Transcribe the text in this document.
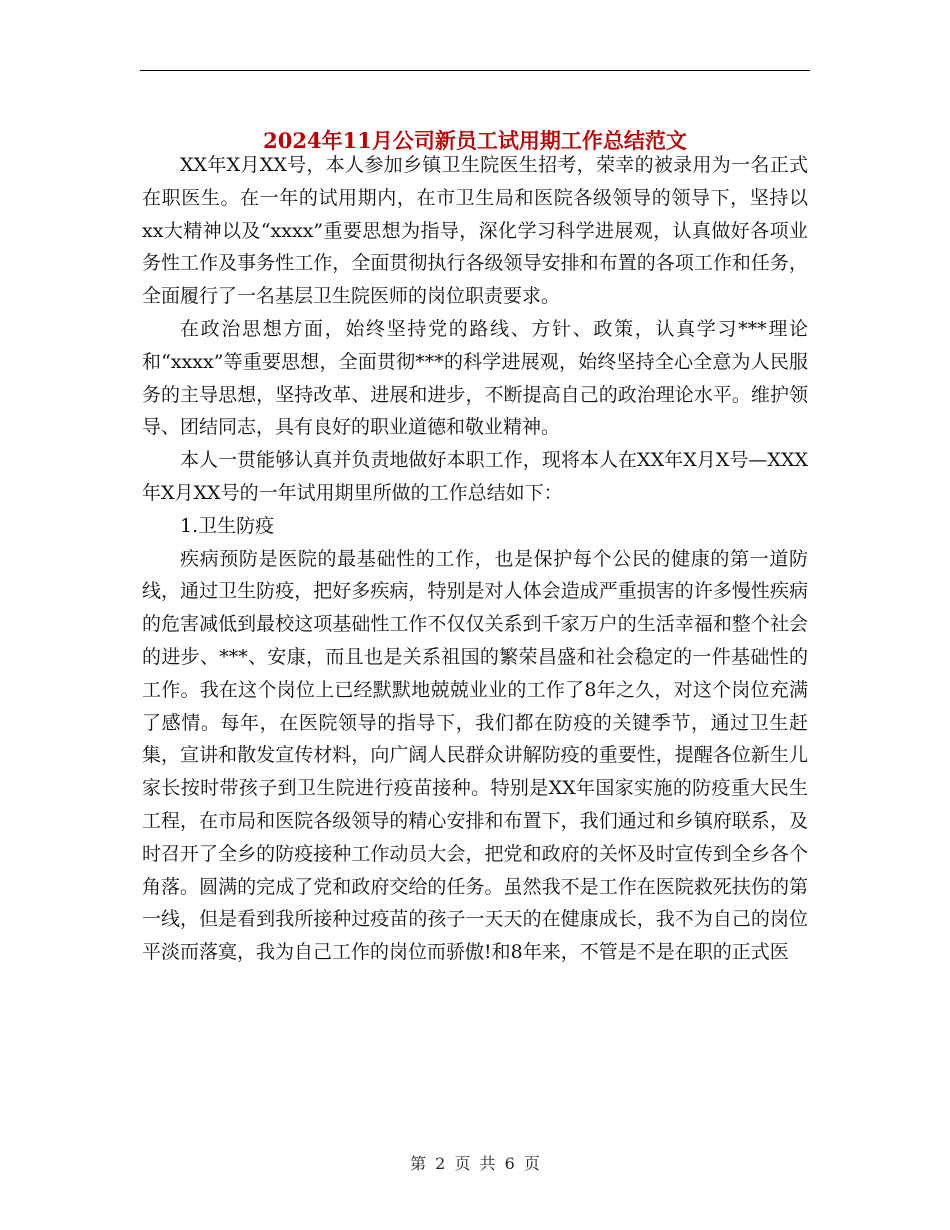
2024年11月公司新员工试用期工作总结范文

XX年X月XX号，本人参加乡镇卫生院医生招考，荣幸的被录用为一名正式在职医生。在一年的试用期内，在市卫生局和医院各级领导的领导下，坚持以xx大精神以及“xxxx”重要思想为指导，深化学习科学进展观，认真做好各项业务性工作及事务性工作，全面贯彻执行各级领导安排和布置的各项工作和任务，全面履行了一名基层卫生院医师的岗位职责要求。

在政治思想方面，始终坚持党的路线、方针、政策，认真学习***理论和“xxxx”等重要思想，全面贯彻***的科学进展观，始终坚持全心全意为人民服务的主导思想，坚持改革、进展和进步，不断提高自己的政治理论水平。维护领导、团结同志，具有良好的职业道德和敬业精神。

本人一贯能够认真并负责地做好本职工作，现将本人在XX年X月X号—XXX年X月XX号的一年试用期里所做的工作总结如下：

1.卫生防疫

疾病预防是医院的最基础性的工作，也是保护每个公民的健康的第一道防线，通过卫生防疫，把好多疾病，特别是对人体会造成严重损害的许多慢性疾病的危害减低到最校这项基础性工作不仅仅关系到千家万户的生活幸福和整个社会的进步、***、安康，而且也是关系祖国的繁荣昌盛和社会稳定的一件基础性的工作。我在这个岗位上已经默默地兢兢业业的工作了8年之久，对这个岗位充满了感情。每年，在医院领导的指导下，我们都在防疫的关键季节，通过卫生赶集，宣讲和散发宣传材料，向广阔人民群众讲解防疫的重要性，提醒各位新生儿家长按时带孩子到卫生院进行疫苗接种。特别是XX年国家实施的防疫重大民生工程，在市局和医院各级领导的精心安排和布置下，我们通过和乡镇府联系，及时召开了全乡的防疫接种工作动员大会，把党和政府的关怀及时宣传到全乡各个角落。圆满的完成了党和政府交给的任务。虽然我不是工作在医院救死扶伤的第一线，但是看到我所接种过疫苗的孩子一天天的在健康成长，我不为自己的岗位平淡而落寞，我为自己工作的岗位而骄傲!和8年来，不管是不是在职的正式医

第 2 页 共 6 页
